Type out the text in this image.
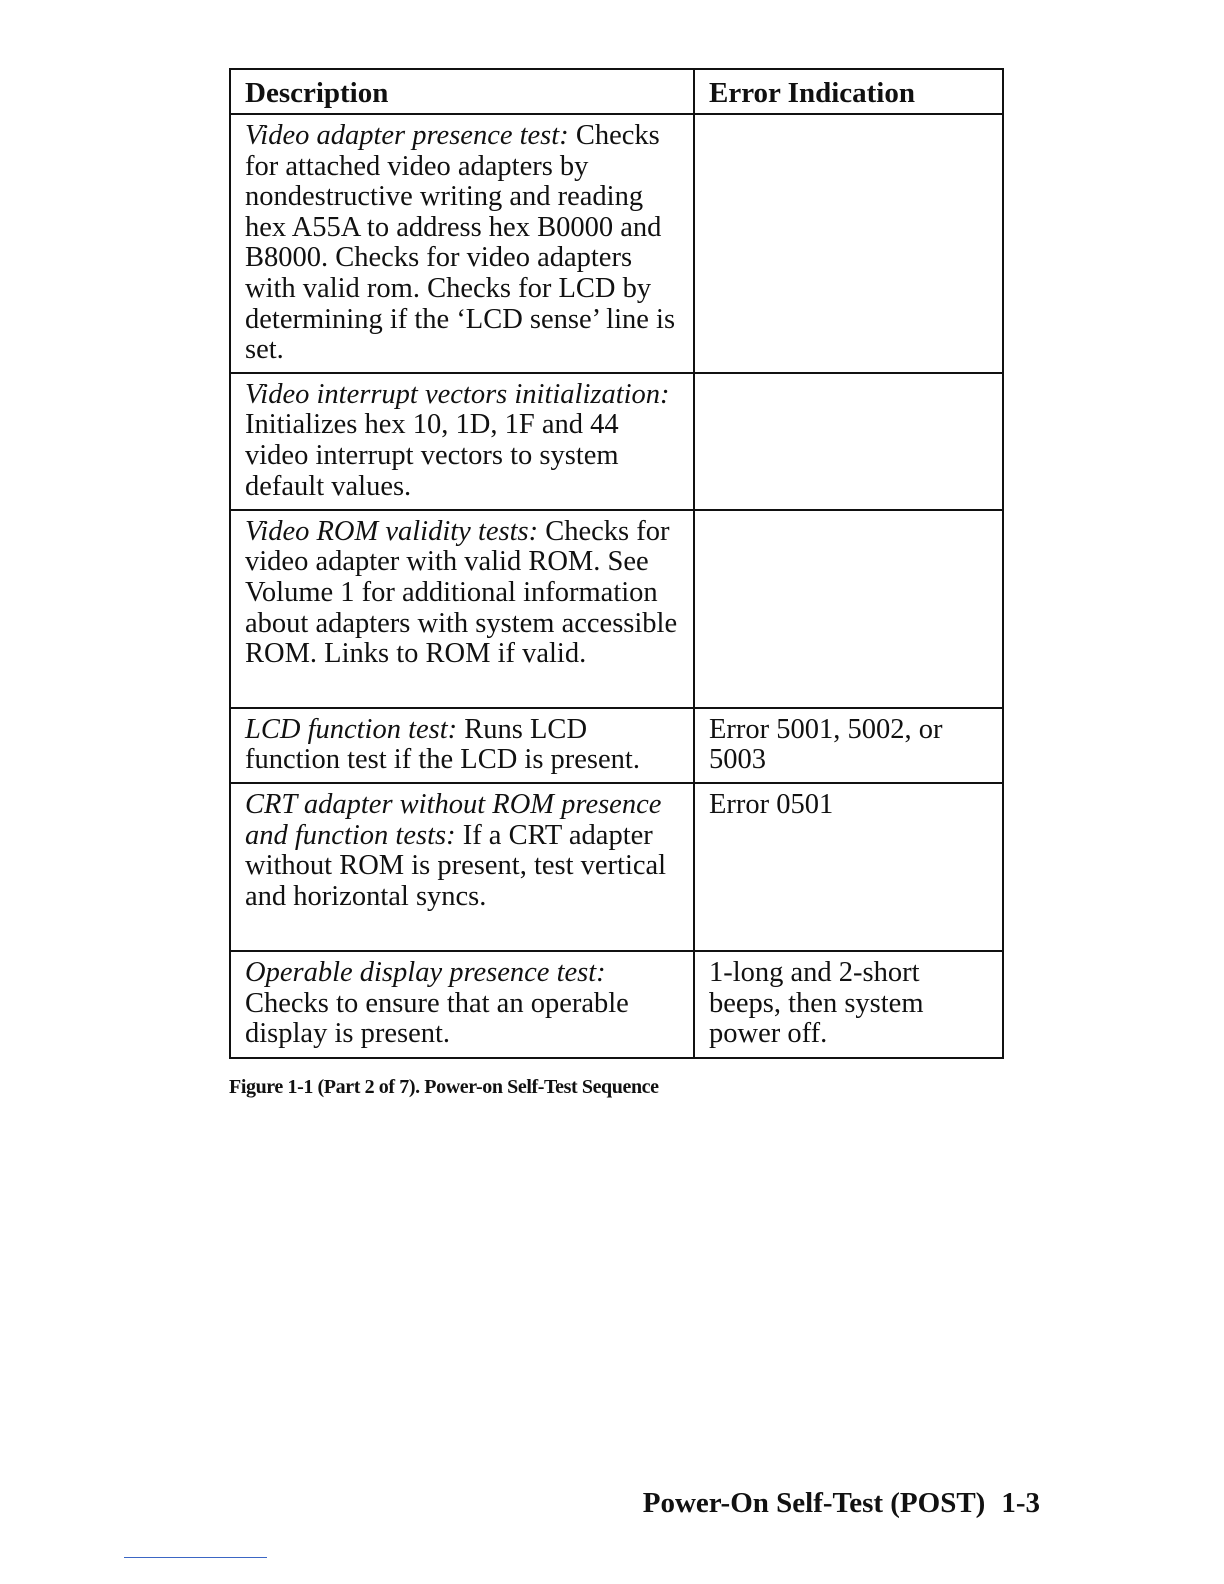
Description	Error Indication
Video adapter presence test: Checks for attached video adapters by nondestructive writing and reading hex A55A to address hex B0000 and B8000. Checks for video adapters with valid rom. Checks for LCD by determining if the ‘LCD sense’ line is set.	
Video interrupt vectors initialization: Initializes hex 10, 1D, 1F and 44 video interrupt vectors to system default values.	
Video ROM validity tests: Checks for video adapter with valid ROM. See Volume 1 for additional information about adapters with system accessible ROM. Links to ROM if valid.	
LCD function test: Runs LCD function test if the LCD is present.	Error 5001, 5002, or 5003
CRT adapter without ROM presence and function tests: If a CRT adapter without ROM is present, test vertical and horizontal syncs.	Error 0501
Operable display presence test: Checks to ensure that an operable display is present.	1-long and 2-short beeps, then system power off.
Figure 1-1 (Part 2 of 7). Power-on Self-Test Sequence
Power-On Self-Test (POST) 1-3
